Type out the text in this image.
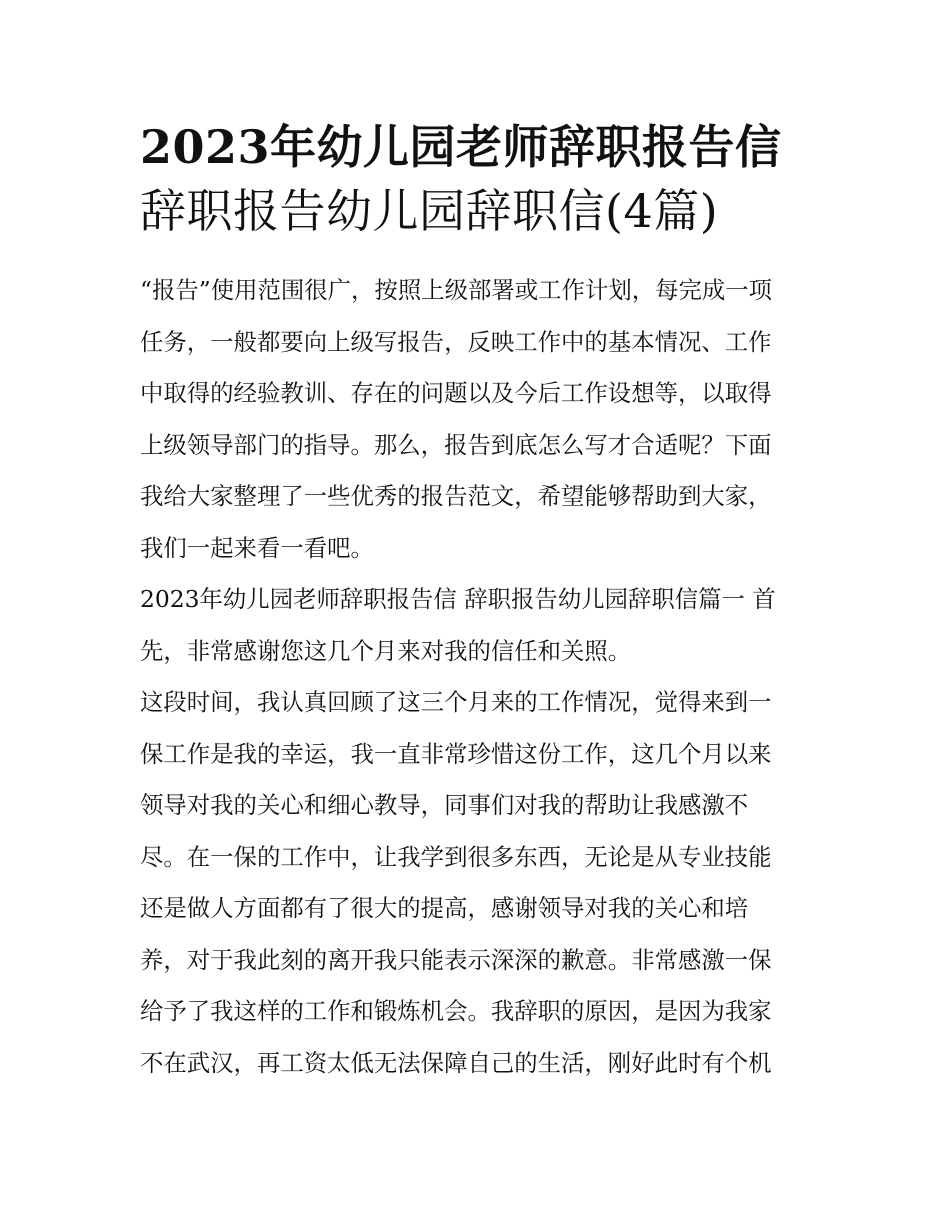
2023年幼儿园老师辞职报告信
辞职报告幼儿园辞职信(4篇)
“报告”使用范围很广，按照上级部署或工作计划，每完成一项
任务，一般都要向上级写报告，反映工作中的基本情况、工作
中取得的经验教训、存在的问题以及今后工作设想等，以取得
上级领导部门的指导。那么，报告到底怎么写才合适呢？下面
我给大家整理了一些优秀的报告范文，希望能够帮助到大家，
我们一起来看一看吧。
2023年幼儿园老师辞职报告信 辞职报告幼儿园辞职信篇一 首
先，非常感谢您这几个月来对我的信任和关照。
这段时间，我认真回顾了这三个月来的工作情况，觉得来到一
保工作是我的幸运，我一直非常珍惜这份工作，这几个月以来
领导对我的关心和细心教导，同事们对我的帮助让我感激不
尽。在一保的工作中，让我学到很多东西，无论是从专业技能
还是做人方面都有了很大的提高，感谢领导对我的关心和培
养，对于我此刻的离开我只能表示深深的歉意。非常感激一保
给予了我这样的工作和锻炼机会。我辞职的原因，是因为我家
不在武汉，再工资太低无法保障自己的生活，刚好此时有个机
